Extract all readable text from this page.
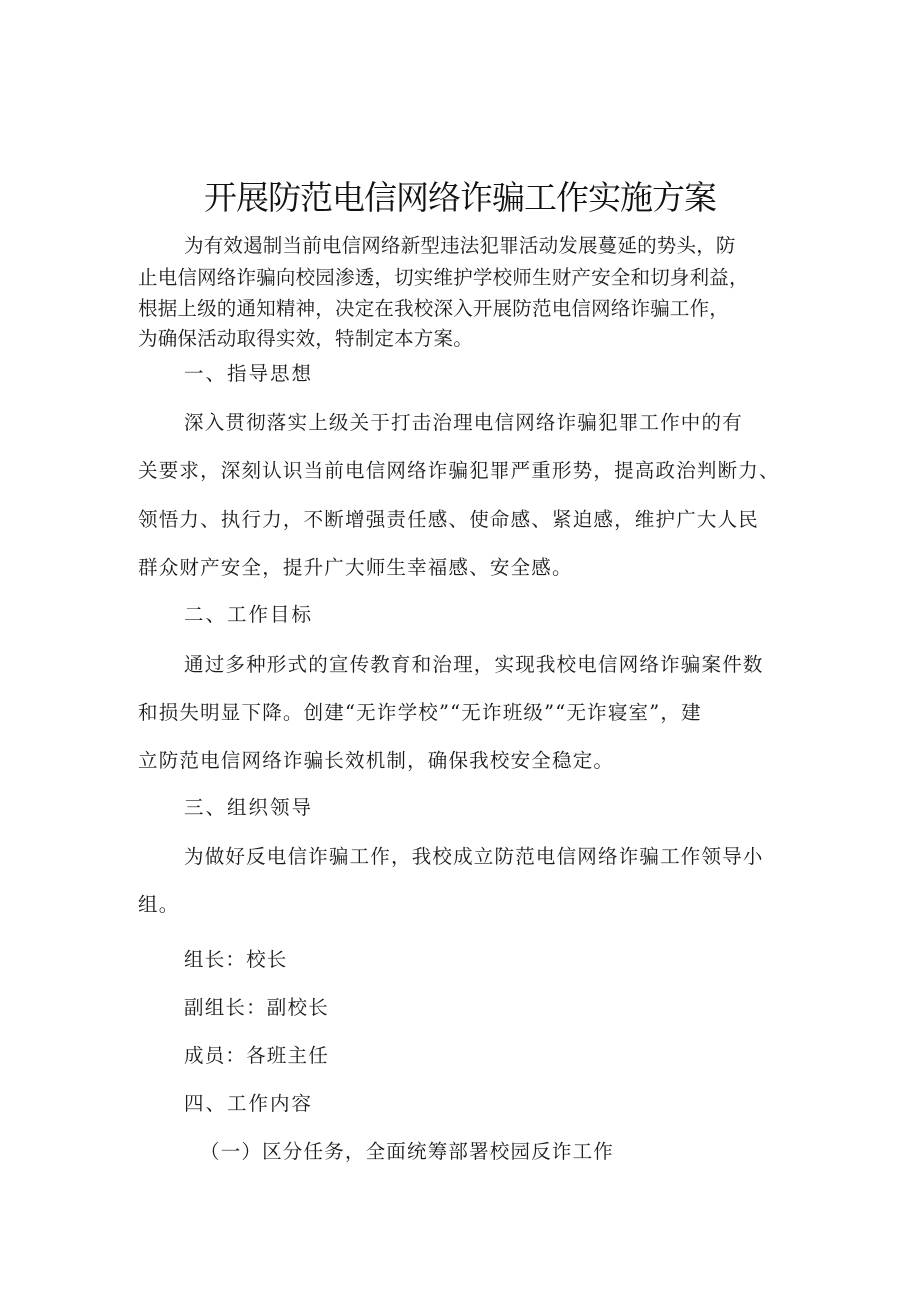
开展防范电信网络诈骗工作实施方案
为有效遏制当前电信网络新型违法犯罪活动发展蔓延的势头，防
止电信网络诈骗向校园渗透，切实维护学校师生财产安全和切身利益，
根据上级的通知精神，决定在我校深入开展防范电信网络诈骗工作，
为确保活动取得实效，特制定本方案。
一、指导思想
深入贯彻落实上级关于打击治理电信网络诈骗犯罪工作中的有
关要求，深刻认识当前电信网络诈骗犯罪严重形势，提高政治判断力、
领悟力、执行力，不断增强责任感、使命感、紧迫感，维护广大人民
群众财产安全，提升广大师生幸福感、安全感。
二、工作目标
通过多种形式的宣传教育和治理，实现我校电信网络诈骗案件数
和损失明显下降。创建“无诈学校”“无诈班级”“无诈寝室”，建
立防范电信网络诈骗长效机制，确保我校安全稳定。
三、组织领导
为做好反电信诈骗工作，我校成立防范电信网络诈骗工作领导小
组。
组长：校长
副组长：副校长
成员：各班主任
四、工作内容
（一）区分任务，全面统筹部署校园反诈工作
